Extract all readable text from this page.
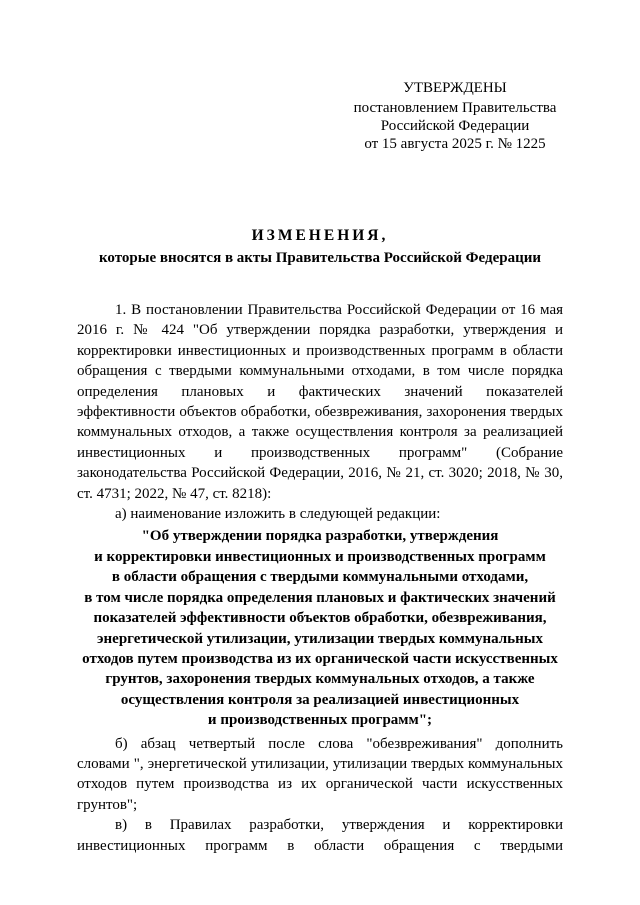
УТВЕРЖДЕНЫ
постановлением Правительства
Российской Федерации
от 15 августа 2025 г. № 1225
ИЗМЕНЕНИЯ,
которые вносятся в акты Правительства Российской Федерации

1. В постановлении Правительства Российской Федерации от 16 мая 2016 г. № 424 "Об утверждении порядка разработки, утверждения и корректировки инвестиционных и производственных программ в области обращения с твердыми коммунальными отходами, в том числе порядка определения плановых и фактических значений показателей эффективности объектов обработки, обезвреживания, захоронения твердых коммунальных отходов, а также осуществления контроля за реализацией инвестиционных и производственных программ" (Собрание законодательства Российской Федерации, 2016, № 21, ст. 3020; 2018, № 30, ст. 4731; 2022, № 47, ст. 8218):

а) наименование изложить в следующей редакции:

"Об утверждении порядка разработки, утверждения
и корректировки инвестиционных и производственных программ
в области обращения с твердыми коммунальными отходами,
в том числе порядка определения плановых и фактических значений
показателей эффективности объектов обработки, обезвреживания,
энергетической утилизации, утилизации твердых коммунальных
отходов путем производства из их органической части искусственных
грунтов, захоронения твердых коммунальных отходов, а также
осуществления контроля за реализацией инвестиционных
и производственных программ";

б) абзац четвертый после слова "обезвреживания" дополнить словами ", энергетической утилизации, утилизации твердых коммунальных отходов путем производства из их органической части искусственных грунтов";

в) в Правилах разработки, утверждения и корректировки инвестиционных программ в области обращения с твердыми
